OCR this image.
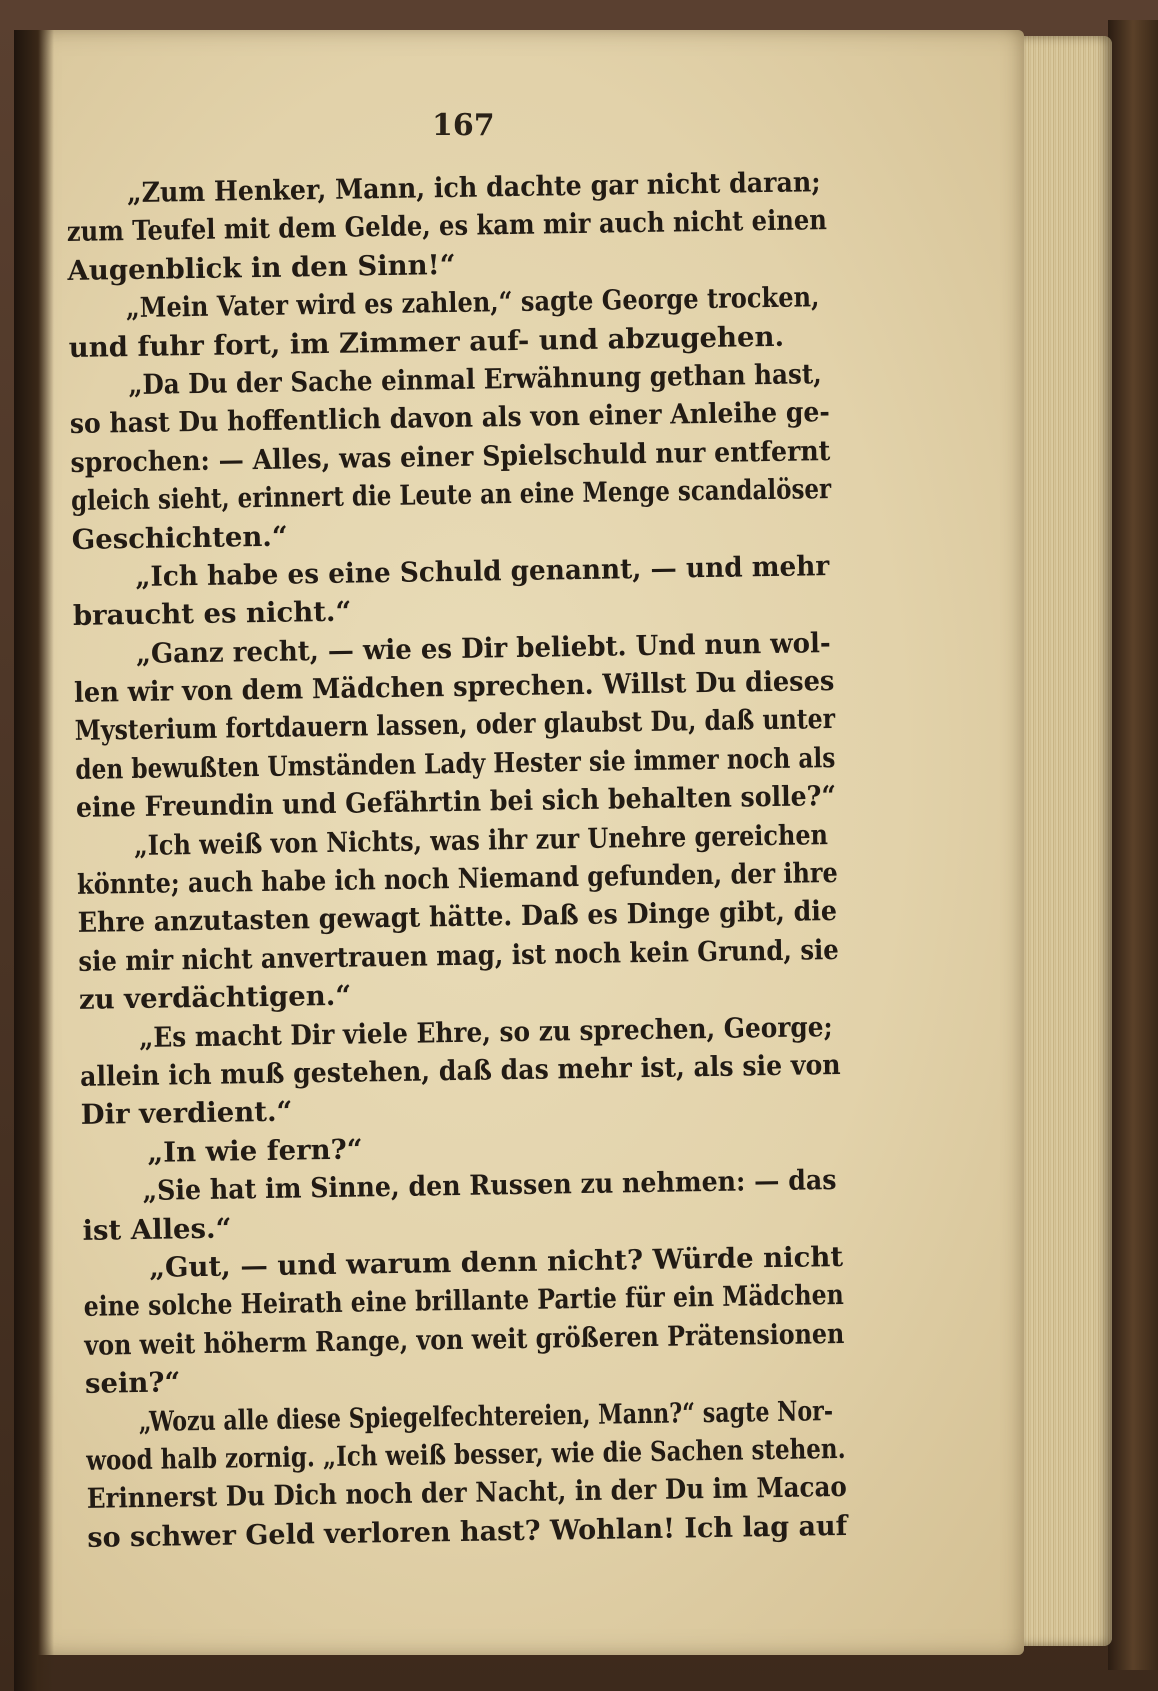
167
„Zum Henker, Mann, ich dachte gar nicht daran;
zum Teufel mit dem Gelde, es kam mir auch nicht einen
Augenblick in den Sinn!“
„Mein Vater wird es zahlen,“ sagte George trocken,
und fuhr fort, im Zimmer auf- und abzugehen.
„Da Du der Sache einmal Erwähnung gethan hast,
so hast Du hoffentlich davon als von einer Anleihe ge-
sprochen: — Alles, was einer Spielschuld nur entfernt
gleich sieht, erinnert die Leute an eine Menge scandalöser
Geschichten.“
„Ich habe es eine Schuld genannt, — und mehr
braucht es nicht.“
„Ganz recht, — wie es Dir beliebt. Und nun wol-
len wir von dem Mädchen sprechen. Willst Du dieses
Mysterium fortdauern lassen, oder glaubst Du, daß unter
den bewußten Umständen Lady Hester sie immer noch als
eine Freundin und Gefährtin bei sich behalten solle?“
„Ich weiß von Nichts, was ihr zur Unehre gereichen
könnte; auch habe ich noch Niemand gefunden, der ihre
Ehre anzutasten gewagt hätte. Daß es Dinge gibt, die
sie mir nicht anvertrauen mag, ist noch kein Grund, sie
zu verdächtigen.“
„Es macht Dir viele Ehre, so zu sprechen, George;
allein ich muß gestehen, daß das mehr ist, als sie von
Dir verdient.“
„In wie fern?“
„Sie hat im Sinne, den Russen zu nehmen: — das
ist Alles.“
„Gut, — und warum denn nicht? Würde nicht
eine solche Heirath eine brillante Partie für ein Mädchen
von weit höherm Range, von weit größeren Prätensionen
sein?“
„Wozu alle diese Spiegelfechtereien, Mann?“ sagte Nor-
wood halb zornig. „Ich weiß besser, wie die Sachen stehen.
Erinnerst Du Dich noch der Nacht, in der Du im Macao
so schwer Geld verloren hast? Wohlan! Ich lag auf
